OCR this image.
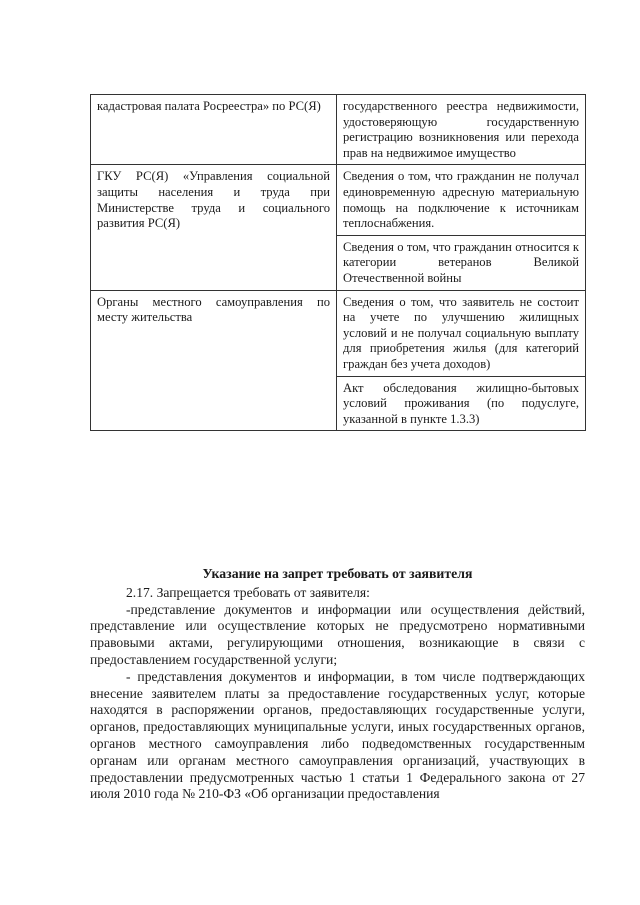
кадастровая палата Росреестра» по РС(Я)	государственного реестра недвижимости, удостоверяющую государственную регистрацию возникновения или перехода прав на недвижимое имущество

ГКУ РС(Я) «Управления социальной защиты населения и труда при Министерстве труда и социального развития РС(Я)	Сведения о том, что гражданин не получал единовременную адресную материальную помощь на подключение к источникам теплоснабжения.
Сведения о том, что гражданин относится к категории ветеранов Великой Отечественной войны

Органы местного самоуправления по месту жительства	Сведения о том, что заявитель не состоит на учете по улучшению жилищных условий и не получал социальную выплату для приобретения жилья (для категорий граждан без учета доходов)
Акт обследования жилищно-бытовых условий проживания (по подуслуге, указанной в пункте 1.3.3)
Указание на запрет требовать от заявителя

2.17. Запрещается требовать от заявителя:

-представление документов и информации или осуществления действий, представление или осуществление которых не предусмотрено нормативными правовыми актами, регулирующими отношения, возникающие в связи с предоставлением государственной услуги;

- представления документов и информации, в том числе подтверждающих внесение заявителем платы за предоставление государственных услуг, которые находятся в распоряжении органов, предоставляющих государственные услуги, органов, предоставляющих муниципальные услуги, иных государственных органов, органов местного самоуправления либо подведомственных государственным органам или органам местного самоуправления организаций, участвующих в предоставлении предусмотренных частью 1 статьи 1 Федерального закона от 27 июля 2010 года № 210-ФЗ «Об организации предоставления
